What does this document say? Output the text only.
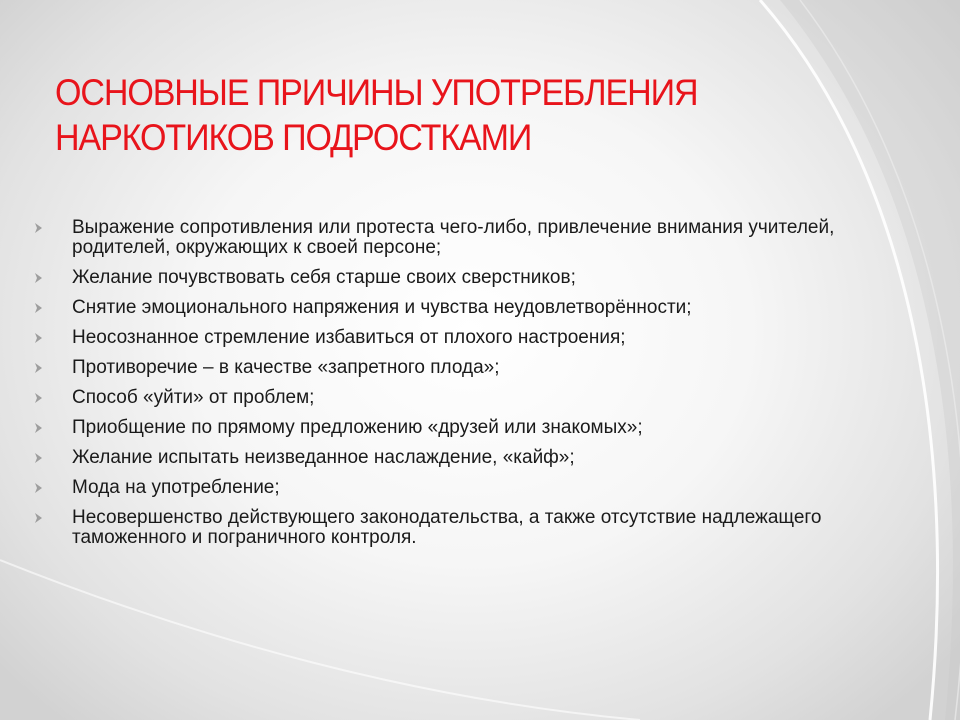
ОСНОВНЫЕ ПРИЧИНЫ УПОТРЕБЛЕНИЯ
НАРКОТИКОВ ПОДРОСТКАМИ
Выражение сопротивления или протеста чего-либо, привлечение внимания учителей, родителей, окружающих к своей персоне;
Желание почувствовать себя старше своих сверстников;
Снятие эмоционального напряжения и чувства неудовлетворённости;
Неосознанное стремление избавиться от плохого настроения;
Противоречие – в качестве «запретного плода»;
Способ «уйти» от проблем;
Приобщение по прямому предложению «друзей или знакомых»;
Желание испытать неизведанное наслаждение, «кайф»;
Мода на употребление;
Несовершенство действующего законодательства, а также отсутствие надлежащего таможенного и пограничного контроля.
